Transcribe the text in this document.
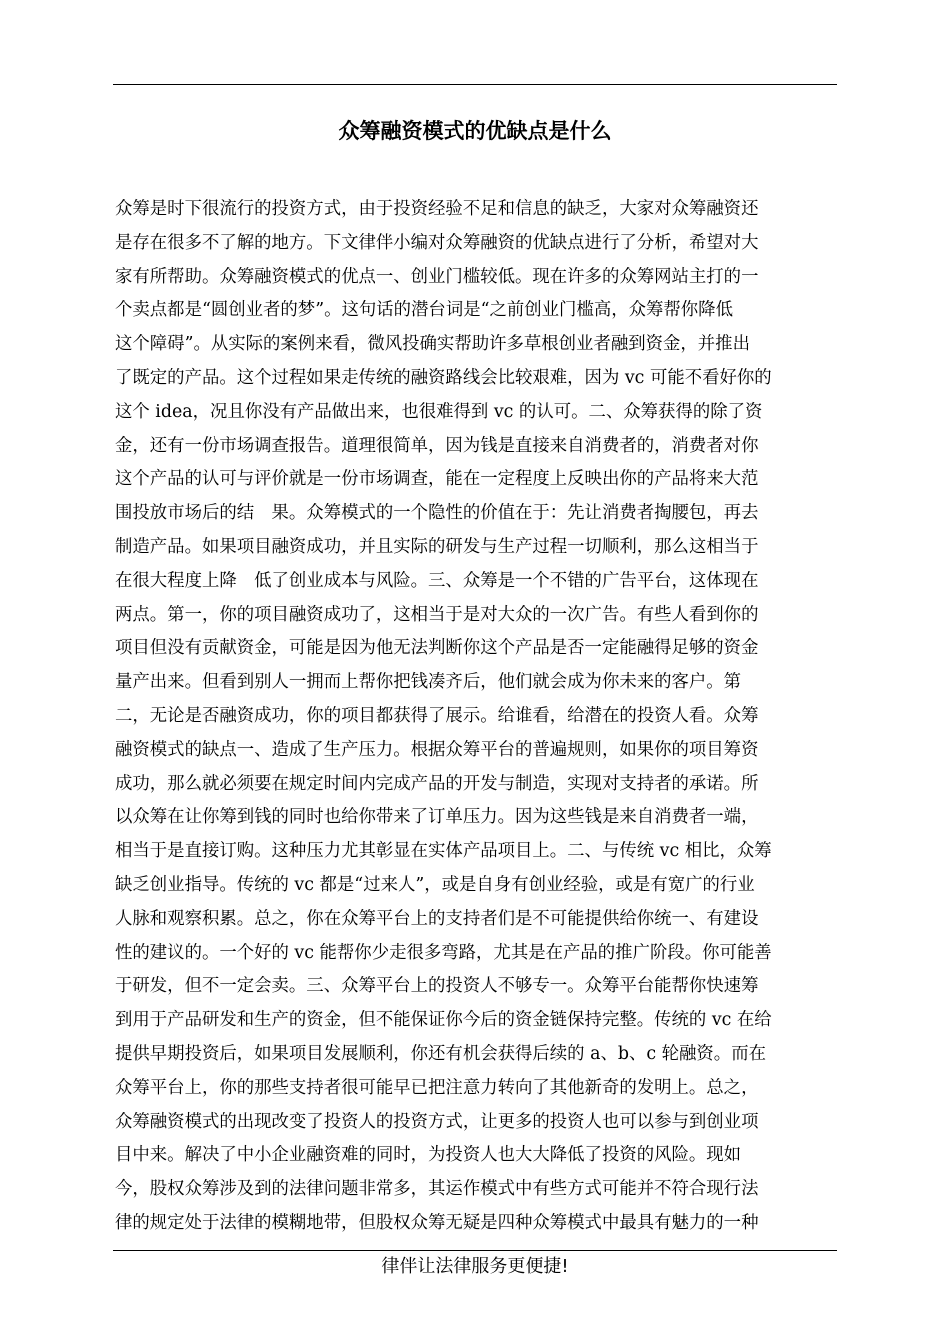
众筹融资模式的优缺点是什么
众筹是时下很流行的投资方式，由于投资经验不足和信息的缺乏，大家对众筹融资还
是存在很多不了解的地方。下文律伴小编对众筹融资的优缺点进行了分析，希望对大
家有所帮助。众筹融资模式的优点一、创业门槛较低。现在许多的众筹网站主打的一
个卖点都是“圆创业者的梦”。这句话的潜台词是“之前创业门槛高，众筹帮你降低
这个障碍”。从实际的案例来看，微风投确实帮助许多草根创业者融到资金，并推出
了既定的产品。这个过程如果走传统的融资路线会比较艰难，因为 vc 可能不看好你的
这个 idea，况且你没有产品做出来，也很难得到 vc 的认可。二、众筹获得的除了资
金，还有一份市场调查报告。道理很简单，因为钱是直接来自消费者的，消费者对你
这个产品的认可与评价就是一份市场调查，能在一定程度上反映出你的产品将来大范
围投放市场后的结　果。众筹模式的一个隐性的价值在于：先让消费者掏腰包，再去
制造产品。如果项目融资成功，并且实际的研发与生产过程一切顺利，那么这相当于
在很大程度上降　低了创业成本与风险。三、众筹是一个不错的广告平台，这体现在
两点。第一，你的项目融资成功了，这相当于是对大众的一次广告。有些人看到你的
项目但没有贡献资金，可能是因为他无法判断你这个产品是否一定能融得足够的资金
量产出来。但看到别人一拥而上帮你把钱凑齐后，他们就会成为你未来的客户。第
二，无论是否融资成功，你的项目都获得了展示。给谁看，给潜在的投资人看。众筹
融资模式的缺点一、造成了生产压力。根据众筹平台的普遍规则，如果你的项目筹资
成功，那么就必须要在规定时间内完成产品的开发与制造，实现对支持者的承诺。所
以众筹在让你筹到钱的同时也给你带来了订单压力。因为这些钱是来自消费者一端，
相当于是直接订购。这种压力尤其彰显在实体产品项目上。二、与传统 vc 相比，众筹
缺乏创业指导。传统的 vc 都是“过来人”，或是自身有创业经验，或是有宽广的行业
人脉和观察积累。总之，你在众筹平台上的支持者们是不可能提供给你统一、有建设
性的建议的。一个好的 vc 能帮你少走很多弯路，尤其是在产品的推广阶段。你可能善
于研发，但不一定会卖。三、众筹平台上的投资人不够专一。众筹平台能帮你快速筹
到用于产品研发和生产的资金，但不能保证你今后的资金链保持完整。传统的 vc 在给
提供早期投资后，如果项目发展顺利，你还有机会获得后续的 a、b、c 轮融资。而在
众筹平台上，你的那些支持者很可能早已把注意力转向了其他新奇的发明上。总之，
众筹融资模式的出现改变了投资人的投资方式，让更多的投资人也可以参与到创业项
目中来。解决了中小企业融资难的同时，为投资人也大大降低了投资的风险。现如
今，股权众筹涉及到的法律问题非常多，其运作模式中有些方式可能并不符合现行法
律的规定处于法律的模糊地带，但股权众筹无疑是四种众筹模式中最具有魅力的一种
律伴让法律服务更便捷!
